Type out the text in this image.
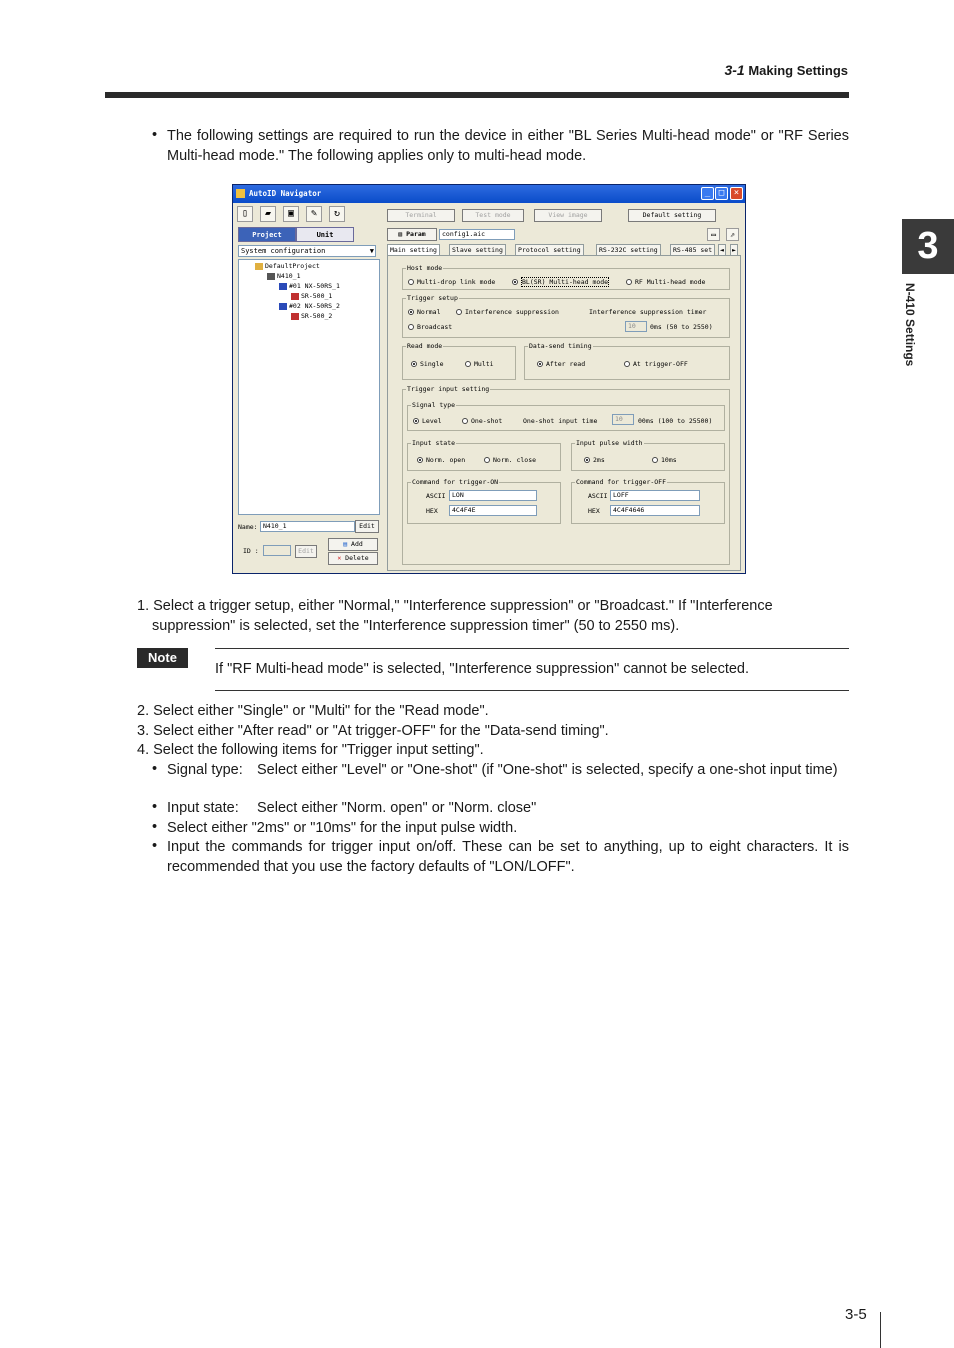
3-1 Making Settings
3
N-410 Settings
• The following settings are required to run the device in either "BL Series Multi-head mode" or "RF Series Multi-head mode." The following applies only to multi-head mode.
AutoID Navigator	_ □	×
▯	▰	▣	✎	↻
Project	Unit
System configuration	▼
DefaultProject
N410_1
#01 NX-50RS_1
SR-500_1
#02 NX-50RS_2
SR-500_2
Name: N410_1	Edit
ID :	Edit
▤ Add
✕ Delete
Terminal	Test mode	View image	Default setting
▧ Param	config1.aic	▭	⇗
Main setting	Slave setting	Protocol setting	RS-232C setting	RS-485 set	◄	►
Host mode
Multi-drop link mode	BL(SR) Multi-head mode	RF Multi-head mode
Trigger setup
Normal	Interference suppression
Broadcast
Interference suppression timer
10	0ms (50 to 2550)
Read mode
Single	Multi
Data-send timing
After read	At trigger-OFF
Trigger input setting
Signal type
Level	One-shot	One-shot input time	10	00ms (100 to 25500)
Input state
Norm. open	Norm. close
Input pulse width
2ms	10ms
Command for trigger-ON
ASCII LON
HEX	4C4F4E
Command for trigger-OFF
ASCII LOFF
HEX	4C4F4646
1. Select a trigger setup, either "Normal," "Interference suppression" or "Broadcast." If "Interference
suppression" is selected, set the "Interference suppression timer" (50 to 2550 ms).
Note
If "RF Multi-head mode" is selected, "Interference suppression" cannot be selected.
2. Select either "Single" or "Multi" for the "Read mode".
3. Select either "After read" or "At trigger-OFF" for the "Data-send timing".
4. Select the following items for "Trigger input setting".
• Signal type: Select either "Level" or "One-shot" (if "One-shot" is selected, specify a one-shot input time)
• Input state:	Select either "Norm. open" or "Norm. close"
• Select either "2ms" or "10ms" for the input pulse width.
• Input the commands for trigger input on/off. These can be set to anything, up to eight characters. It is recommended that you use the factory defaults of "LON/LOFF".
3-5
